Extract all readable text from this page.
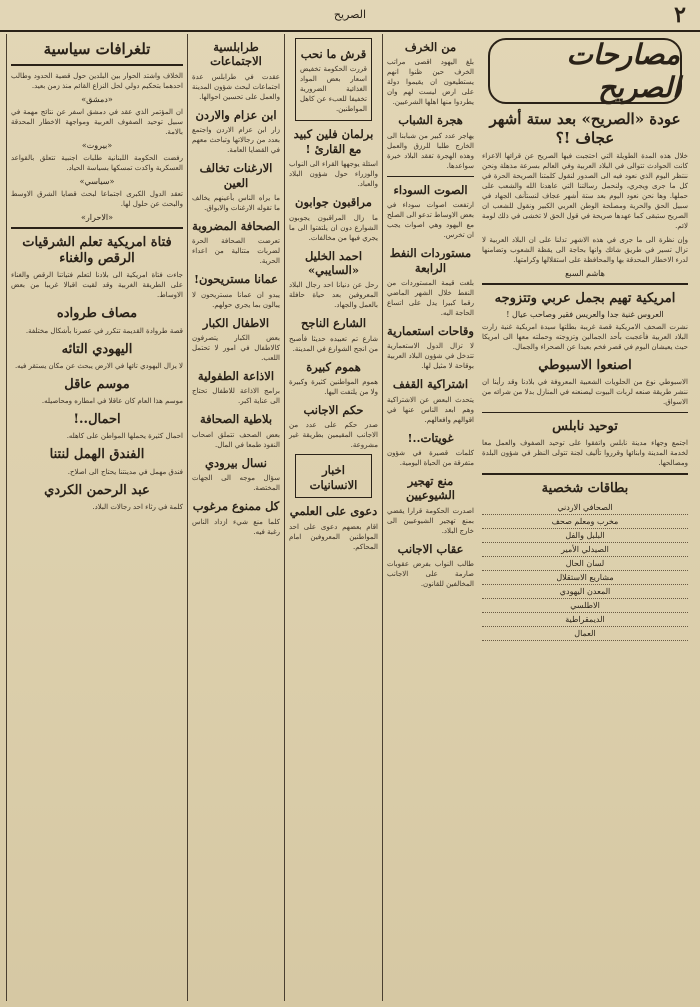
٢
الصريح
مصارحات الصريح
عودة «الصريح» بعد ستة أشهر عجاف !؟

خلال هذه المدة الطويلة التي احتجبت فيها الصريح عن قرائها الاعزاء كانت الحوادث تتوالى في البلاد العربية وفي العالم بسرعة مذهلة ونحن ننتظر اليوم الذي نعود فيه الى الصدور لنقول كلمتنا الصريحة الحرة في كل ما جرى ويجري، ولنحمل رسالتنا التي عاهدنا الله والشعب على حملها. وها نحن نعود اليوم بعد ستة أشهر عجاف لنستأنف الجهاد في سبيل الحق والحرية ومصلحة الوطن العربي الكبير ونقول للشعب ان الصريح ستبقى كما عهدها صريحة في قول الحق لا تخشى في ذلك لومة لائم.

وإن نظرة الى ما جرى في هذه الاشهر تدلنا على ان البلاد العربية لا تزال تسير في طريق شائك وانها بحاجة الى يقظة الشعوب وتضامنها لدرء الاخطار المحدقة بها والمحافظة على استقلالها وكرامتها.

هاشم السبع
امريكية تهيم بجمل عربي وتتزوجه
العروس غنية جدا والعريس فقير وصاحب عيال !

نشرت الصحف الامريكية قصة غريبة بطلتها سيدة امريكية غنية زارت البلاد العربية فأعجبت بأحد الجمالين وتزوجته وحملته معها الى امريكا حيث يعيشان اليوم في قصر فخم بعيدا عن الصحراء والجمال.

اصنعوا الاسبوطي

الاسبوطي نوع من الحلويات الشعبية المعروفة في بلادنا وقد رأينا ان ننشر طريقة صنعه لربات البيوت ليصنعنه في المنازل بدلا من شرائه من الاسواق.

توحيد نابلس

اجتمع وجهاء مدينة نابلس واتفقوا على توحيد الصفوف والعمل معا لخدمة المدينة وابنائها وقرروا تأليف لجنة تتولى النظر في شؤون البلدة ومصالحها.

بطاقات شخصية
الصحافي الاردني
مخرب ومعلم صحف
البلبل والفل
الصيدلي الأمير
لسان الحال
مشاريع الاستقلال
المعدن اليهودي
الاطلسي
الديمقراطية
العمال
من الخرف

بلغ اليهود اقصى مراتب الخرف حين ظنوا انهم يستطيعون ان يقيموا دولة على ارض ليست لهم وان يطردوا منها اهلها الشرعيين.

هجرة الشباب

يهاجر عدد كبير من شبابنا الى الخارج طلبا للرزق والعمل وهذه الهجرة تفقد البلاد خيرة سواعدها.

الصوت السوداء

ارتفعت اصوات سوداء في بعض الاوساط تدعو الى الصلح مع اليهود وهي اصوات يجب ان تخرس.

مستوردات النفط الرابعة

بلغت قيمة المستوردات من النفط خلال الشهر الماضي رقما كبيرا يدل على اتساع الحاجة اليه.

وقاحات استعمارية

لا تزال الدول الاستعمارية تتدخل في شؤون البلاد العربية بوقاحة لا مثيل لها.

اشتراكية القفف

يتحدث البعض عن الاشتراكية وهم ابعد الناس عنها في اقوالهم وافعالهم.

غويتات..!

كلمات قصيرة في شؤون متفرقة من الحياة اليومية.

منع تهجير الشيوعيين

اصدرت الحكومة قرارا يقضي بمنع تهجير الشيوعيين الى خارج البلاد.

عقاب الاجانب

طالب النواب بفرض عقوبات صارمة على الاجانب المخالفين للقانون.

قرش ما نحب

قررت الحكومة تخفيض اسعار بعض المواد الغذائية الضرورية تخفيفا للعبء عن كاهل المواطنين.

برلمان فلين كبيد مع القارئ !

اسئلة يوجهها القراء الى النواب والوزراء حول شؤون البلاد والعباد.

مراقبون جوابون

ما زال المراقبون يجوبون الشوارع دون ان يلتفتوا الى ما يجري فيها من مخالفات.

احمد الخليل «السايبي»

رحل عن دنيانا احد رجال البلاد المعروفين بعد حياة حافلة بالعمل والجهاد.

الشارع الناجح

شارع تم تعبيده حديثا فأصبح من انجح الشوارع في المدينة.

هموم كبيرة

هموم المواطنين كثيرة وكبيرة ولا من يلتفت اليها.

حكم الاجانب

صدر حكم على عدد من الاجانب المقيمين بطريقة غير مشروعة.

اخبار الانسانيات
دعوى على العلمي

اقام بعضهم دعوى على احد المواطنين المعروفين امام المحاكم.

طرابلسية الاجتماعات

عقدت في طرابلس عدة اجتماعات لبحث شؤون المدينة والعمل على تحسين احوالها.

ابن عزام والاردن

زار ابن عزام الاردن واجتمع بعدد من رجالاتها وتباحث معهم في القضايا العامة.

الارغنات تخالف العين

ما يراه الناس بأعينهم يخالف ما تقوله الارغنات والابواق.

الصحافة المضروبة

تعرضت الصحافة الحرة لضربات متتالية من اعداء الحرية.

عمانا مستريحون!

يبدو ان عمانا مستريحون لا يبالون بما يجري حولهم.

الاطفال الكبار

بعض الكبار يتصرفون كالاطفال في امور لا تحتمل اللعب.

الاذاعة الطفولية

برامج الاذاعة للاطفال تحتاج الى عناية اكبر.

بلاطية الصحافة

بعض الصحف تتملق اصحاب النفوذ طمعا في المال.

نسال بيرودي

سؤال موجه الى الجهات المختصة.

كل ممنوع مرغوب

كلما منع شيء ازداد الناس رغبة فيه.

تلغرافات سياسية

الخلاف واشتد الحوار بين البلدين حول قضية الحدود وطالب احدهما بتحكيم دولي لحل النزاع القائم منذ زمن بعيد.

«دمشق»

ان المؤتمر الذي عقد في دمشق اسفر عن نتائج مهمة في سبيل توحيد الصفوف العربية ومواجهة الاخطار المحدقة بالامة.

«بيروت»

رفضت الحكومة اللبنانية طلبات اجنبية تتعلق بالقواعد العسكرية واكدت تمسكها بسياسة الحياد.

«سياسي»

تعقد الدول الكبرى اجتماعا لبحث قضايا الشرق الاوسط والبحث عن حلول لها.

«الاحرار»
فتاة امريكية تعلم الشرقيات الرقص والغناء

جاءت فتاة امريكية الى بلادنا لتعلم فتياتنا الرقص والغناء على الطريقة الغربية وقد لقيت اقبالا غريبا من بعض الاوساط.

مصاف طرواده

قصة طروادة القديمة تتكرر في عصرنا بأشكال مختلفة.

اليهودي التائه

لا يزال اليهودي تائها في الارض يبحث عن مكان يستقر فيه.

موسم عاقل

موسم هذا العام كان عاقلا في امطاره ومحاصيله.

احمال..!

احمال كثيرة يحملها المواطن على كاهله.

الفندق الهمل لنتنا

فندق مهمل في مدينتنا يحتاج الى اصلاح.

عبد الرحمن الكردي

كلمة في رثاء احد رجالات البلاد.
